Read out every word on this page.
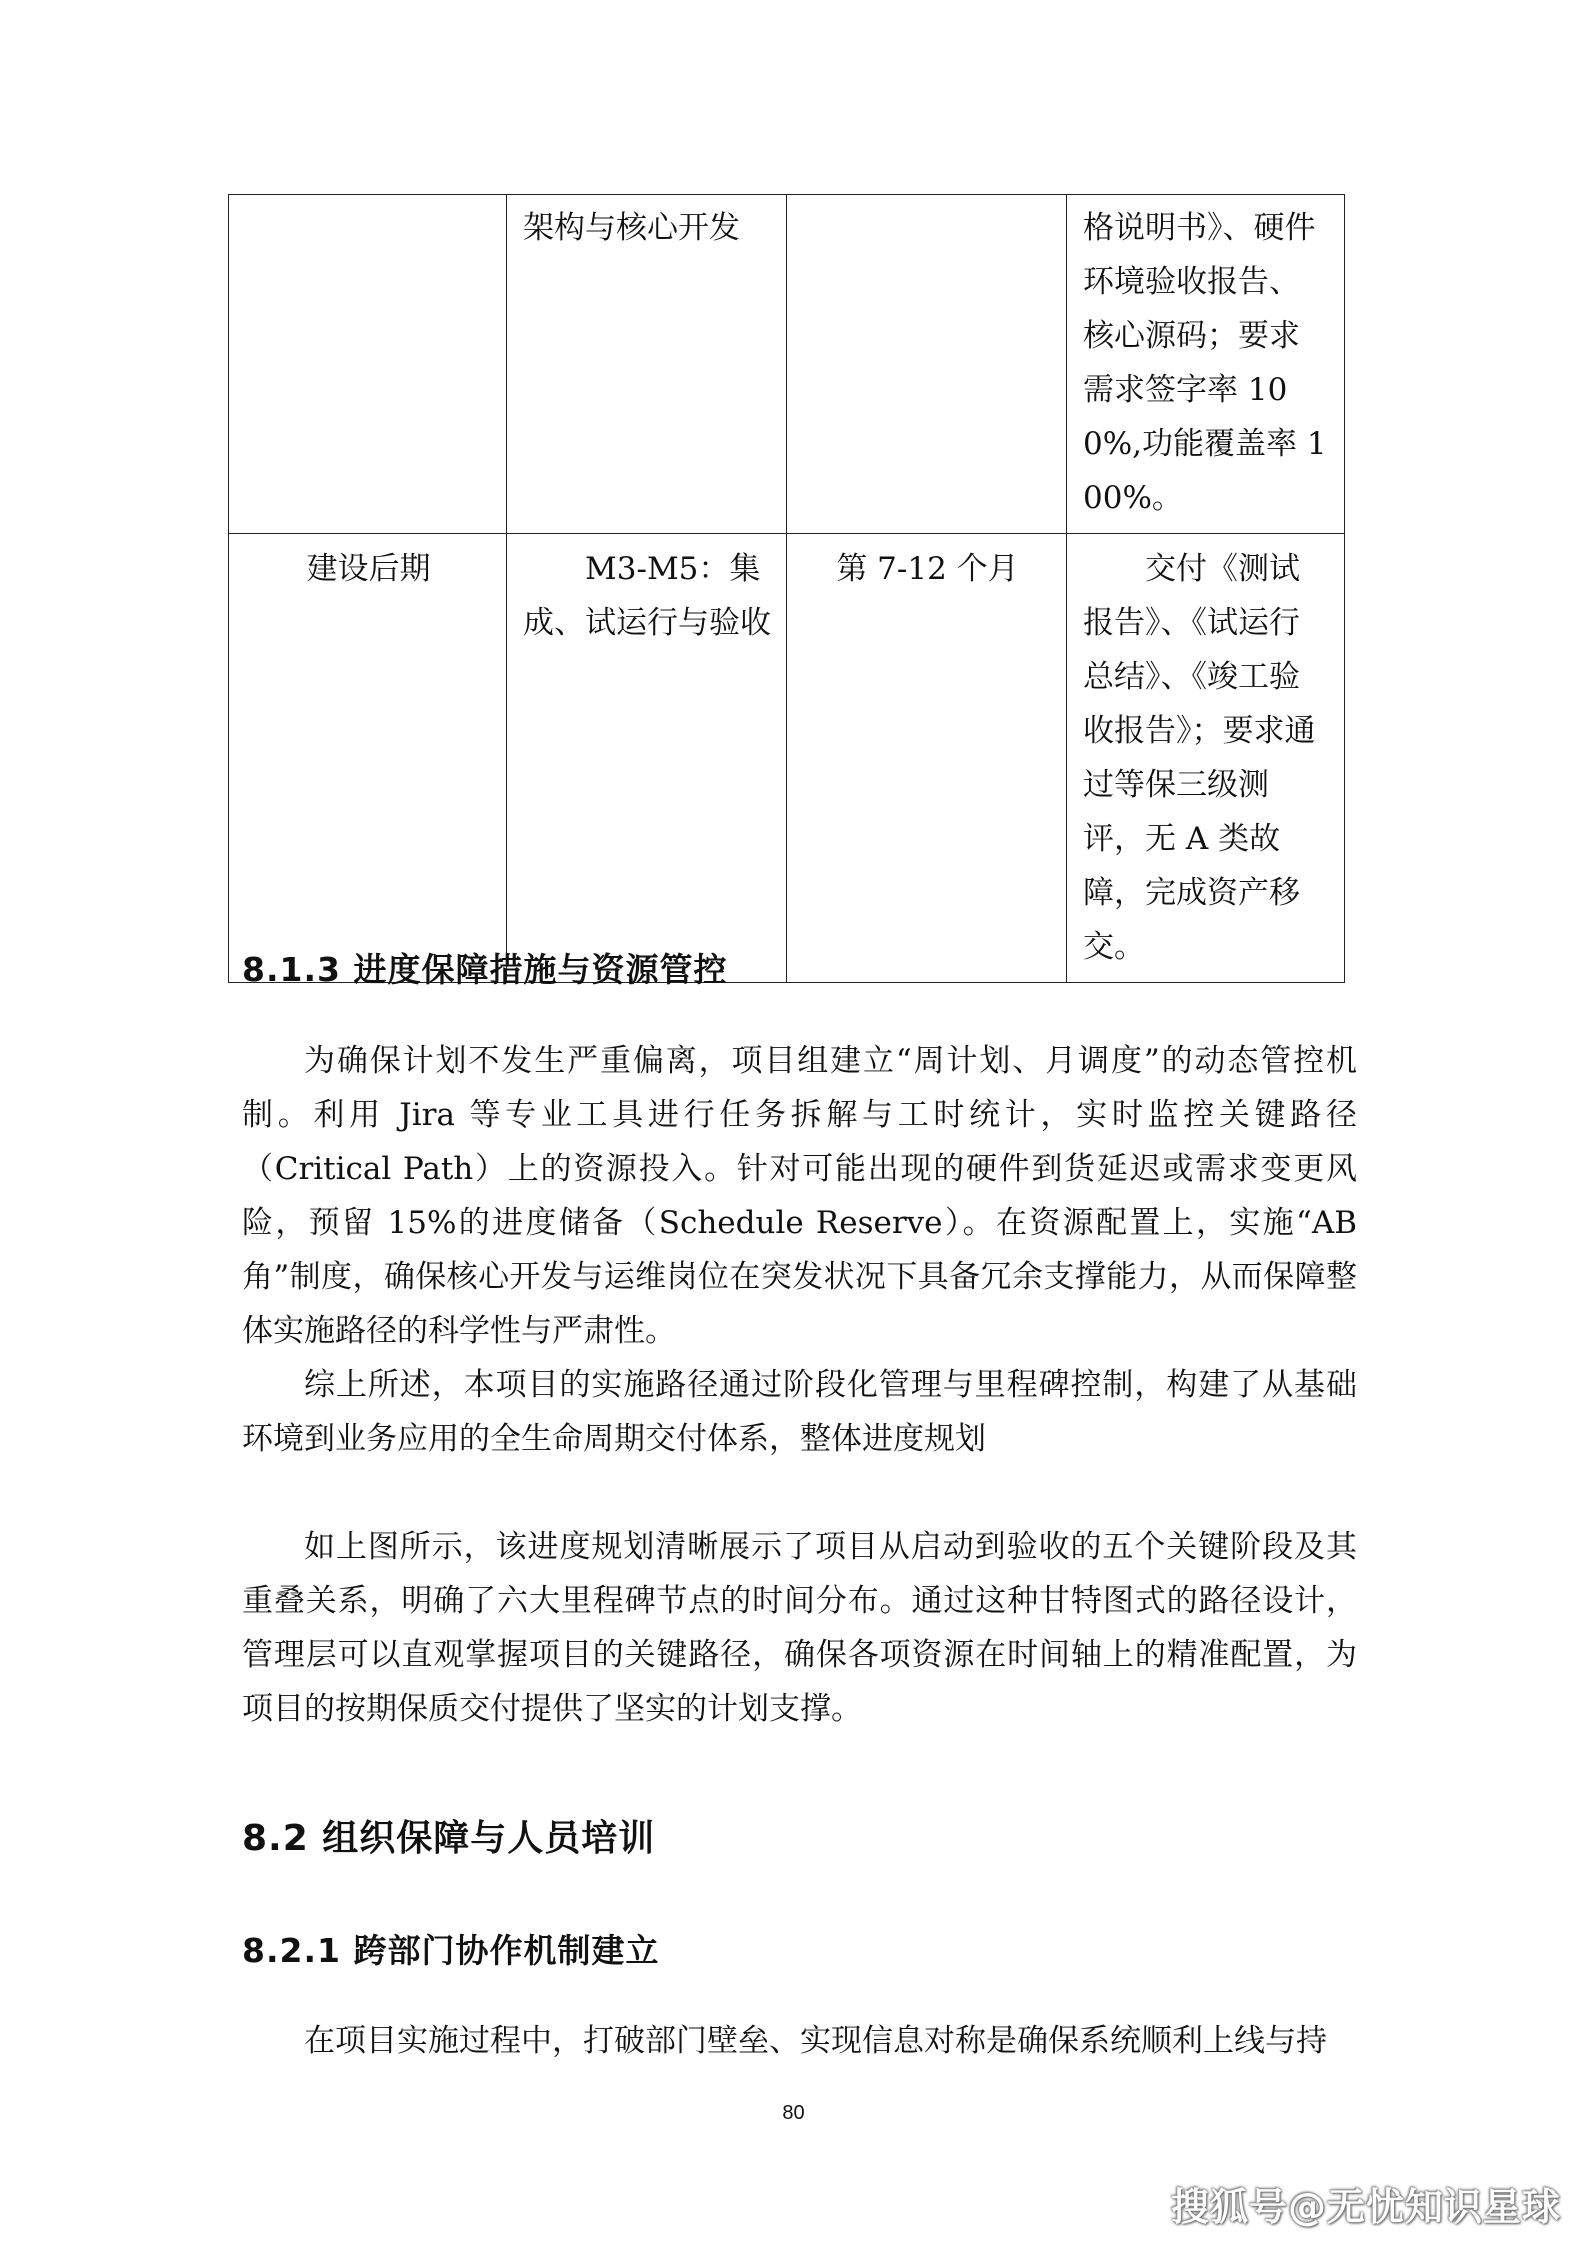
	架构与核心开发		格说明书》、硬件环境验收报告、核心源码；要求需求签字率 100%,功能覆盖率 100%。
建设后期	M3-M5：集成、试运行与验收	第 7-12 个月	交付《测试报告》、《试运行总结》、《竣工验收报告》；要求通过等保三级测评，无 A 类故障，完成资产移交。
8.1.3 进度保障措施与资源管控

为确保计划不发生严重偏离，项目组建立“周计划、月调度”的动态管控机制。利用 Jira 等专业工具进行任务拆解与工时统计，实时监控关键路径（Critical Path）上的资源投入。针对可能出现的硬件到货延迟或需求变更风险，预留 15%的进度储备（Schedule Reserve）。在资源配置上，实施“AB 角”制度，确保核心开发与运维岗位在突发状况下具备冗余支撑能力，从而保障整体实施路径的科学性与严肃性。

综上所述，本项目的实施路径通过阶段化管理与里程碑控制，构建了从基础环境到业务应用的全生命周期交付体系，整体进度规划

如上图所示，该进度规划清晰展示了项目从启动到验收的五个关键阶段及其重叠关系，明确了六大里程碑节点的时间分布。通过这种甘特图式的路径设计，管理层可以直观掌握项目的关键路径，确保各项资源在时间轴上的精准配置，为项目的按期保质交付提供了坚实的计划支撑。

8.2 组织保障与人员培训
8.2.1 跨部门协作机制建立

在项目实施过程中，打破部门壁垒、实现信息对称是确保系统顺利上线与持

80
搜狐号@无忧知识星球
